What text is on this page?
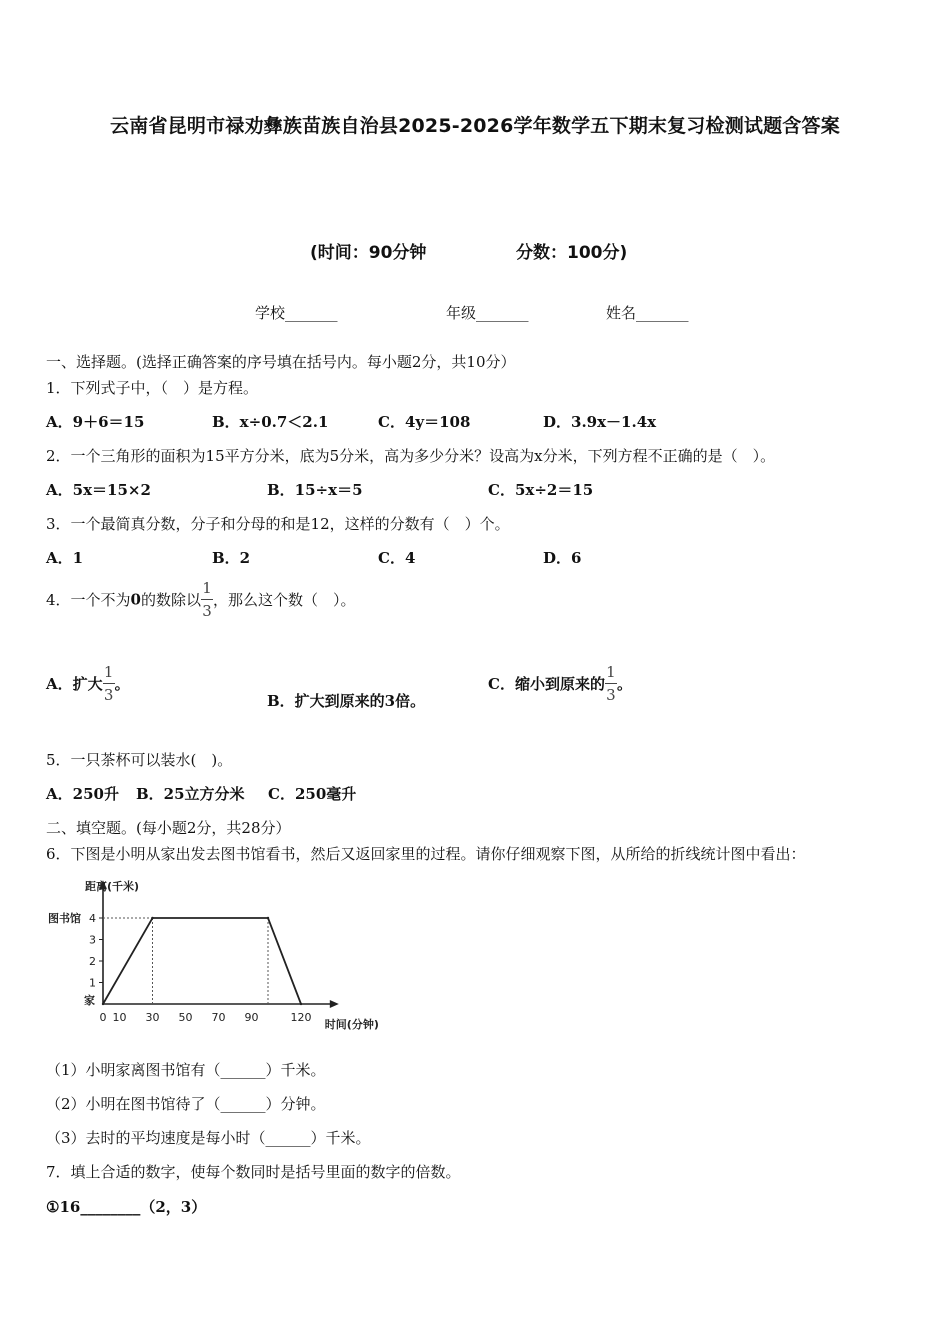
云南省昆明市禄劝彝族苗族自治县2025-2026学年数学五下期末复习检测试题含答案
(时间：90分钟	分数：100分)
学校_______	年级_______	姓名_______
一、选择题。(选择正确答案的序号填在括号内。每小题2分，共10分）
1．下列式子中，（　）是方程。
A．9＋6＝15	B．x÷0.7＜2.1	C．4y＝108	D．3.9x－1.4x
2．一个三角形的面积为15平方分米，底为5分米，高为多少分米？设高为x分米，下列方程不正确的是（　）。
A．5x＝15×2	B．15÷x＝5	C．5x÷2＝15
3．一个最简真分数，分子和分母的和是12，这样的分数有（　）个。
A．1	B．2	C．4	D．6
4．一个不为0的数除以 $\frac{1}{3}$ ，那么这个数（　）。
A．扩大 $\frac{1}{3}$ 。
B．扩大到原来的3倍。
C．缩小到原来的 $\frac{1}{3}$ 。
5．一只茶杯可以装水(　)。
A．250升 B．25立方分米 C．250毫升
二、填空题。(每小题2分，共28分）
6．下图是小明从家出发去图书馆看书，然后又返回家里的过程。请你仔细观察下图，从所给的折线统计图中看出：
距离(千米)
时间(分钟)
1
2
3
4
图书馆
家
0 10 30 50 70 90	120
（1）小明家离图书馆有（______）千米。
（2）小明在图书馆待了（______）分钟。
（3）去时的平均速度是每小时（______）千米。
7．填上合适的数字，使每个数同时是括号里面的数字的倍数。
①16________（2，3）
